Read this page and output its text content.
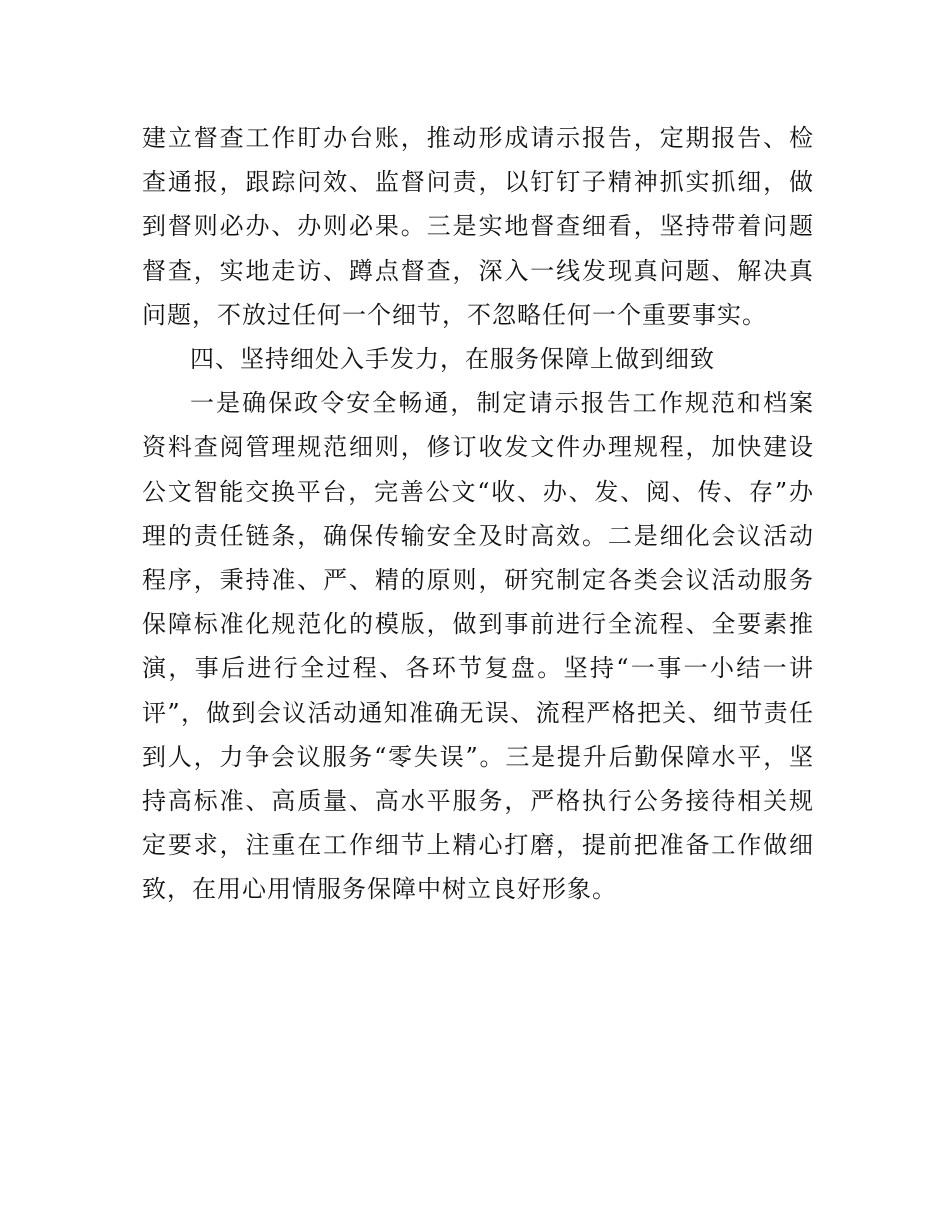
建立督查工作盯办台账，推动形成请示报告，定期报告、检查通报，跟踪问效、监督问责，以钉钉子精神抓实抓细，做到督则必办、办则必果。三是实地督查细看，坚持带着问题督查，实地走访、蹲点督查，深入一线发现真问题、解决真问题，不放过任何一个细节，不忽略任何一个重要事实。

四、坚持细处入手发力，在服务保障上做到细致

一是确保政令安全畅通，制定请示报告工作规范和档案资料查阅管理规范细则，修订收发文件办理规程，加快建设公文智能交换平台，完善公文“收、办、发、阅、传、存”办理的责任链条，确保传输安全及时高效。二是细化会议活动程序，秉持准、严、精的原则，研究制定各类会议活动服务保障标准化规范化的模版，做到事前进行全流程、全要素推演，事后进行全过程、各环节复盘。坚持“一事一小结一讲评”，做到会议活动通知准确无误、流程严格把关、细节责任到人，力争会议服务“零失误”。三是提升后勤保障水平，坚持高标准、高质量、高水平服务，严格执行公务接待相关规定要求，注重在工作细节上精心打磨，提前把准备工作做细致，在用心用情服务保障中树立良好形象。
